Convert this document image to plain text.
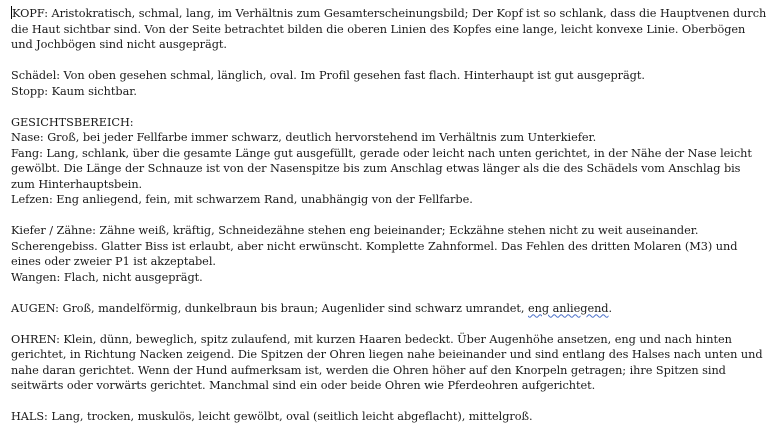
KOPF: Aristokratisch, schmal, lang, im Verhältnis zum Gesamterscheinungsbild; Der Kopf ist so schlank, dass die Hauptvenen durch die Haut sichtbar sind. Von der Seite betrachtet bilden die oberen Linien des Kopfes eine lange, leicht konvexe Linie. Oberbögen und Jochbögen sind nicht ausgeprägt.

Schädel: Von oben gesehen schmal, länglich, oval. Im Profil gesehen fast flach. Hinterhaupt ist gut ausgeprägt.

Stopp: Kaum sichtbar.

GESICHTSBEREICH:

Nase: Groß, bei jeder Fellfarbe immer schwarz, deutlich hervorstehend im Verhältnis zum Unterkiefer.

Fang: Lang, schlank, über die gesamte Länge gut ausgefüllt, gerade oder leicht nach unten gerichtet, in der Nähe der Nase leicht gewölbt. Die Länge der Schnauze ist von der Nasenspitze bis zum Anschlag etwas länger als die des Schädels vom Anschlag bis zum Hinterhauptsbein.

Lefzen: Eng anliegend, fein, mit schwarzem Rand, unabhängig von der Fellfarbe.

Kiefer / Zähne: Zähne weiß, kräftig, Schneidezähne stehen eng beieinander; Eckzähne stehen nicht zu weit auseinander. Scherengebiss. Glatter Biss ist erlaubt, aber nicht erwünscht. Komplette Zahnformel. Das Fehlen des dritten Molaren (M3) und eines oder zweier P1 ist akzeptabel.

Wangen: Flach, nicht ausgeprägt.

AUGEN: Groß, mandelförmig, dunkelbraun bis braun; Augenlider sind schwarz umrandet, eng anliegend.

OHREN: Klein, dünn, beweglich, spitz zulaufend, mit kurzen Haaren bedeckt. Über Augenhöhe ansetzen, eng und nach hinten gerichtet, in Richtung Nacken zeigend. Die Spitzen der Ohren liegen nahe beieinander und sind entlang des Halses nach unten und nahe daran gerichtet. Wenn der Hund aufmerksam ist, werden die Ohren höher auf den Knorpeln getragen; ihre Spitzen sind seitwärts oder vorwärts gerichtet. Manchmal sind ein oder beide Ohren wie Pferdeohren aufgerichtet.

HALS: Lang, trocken, muskulös, leicht gewölbt, oval (seitlich leicht abgeflacht), mittelgroß.
